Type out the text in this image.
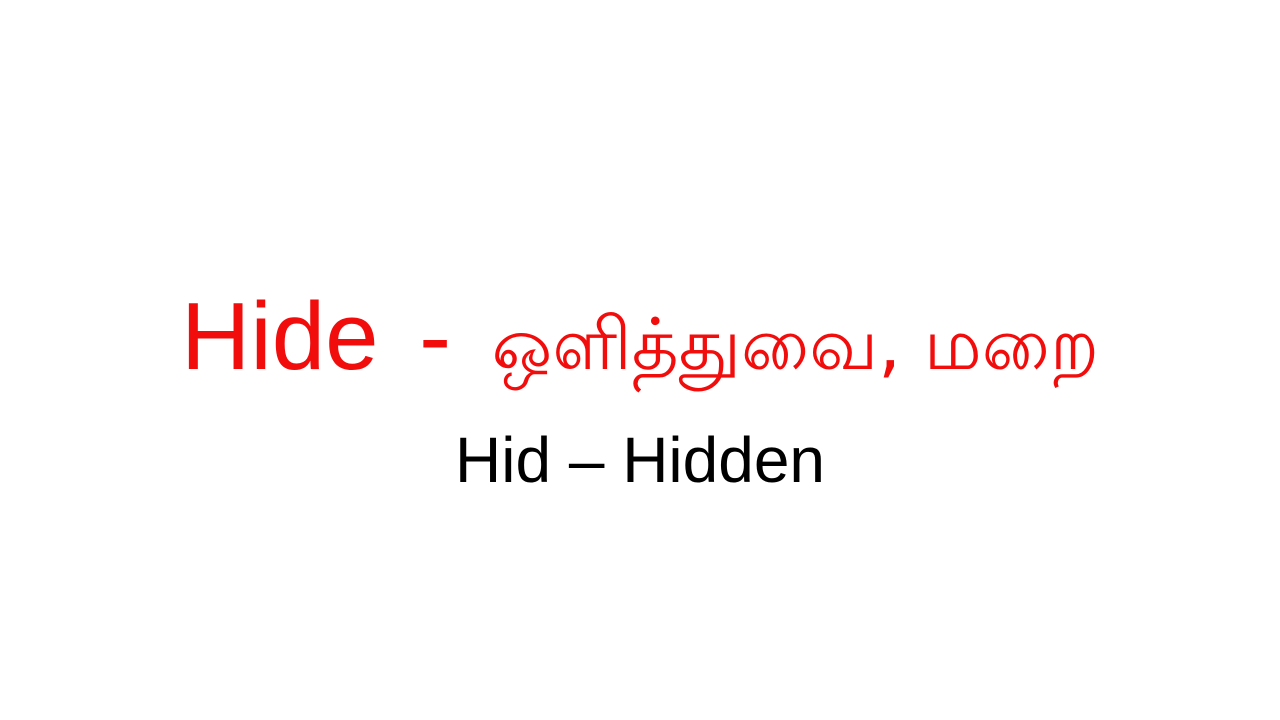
Hide - ஒளித்துவை, மறை
Hid – Hidden
